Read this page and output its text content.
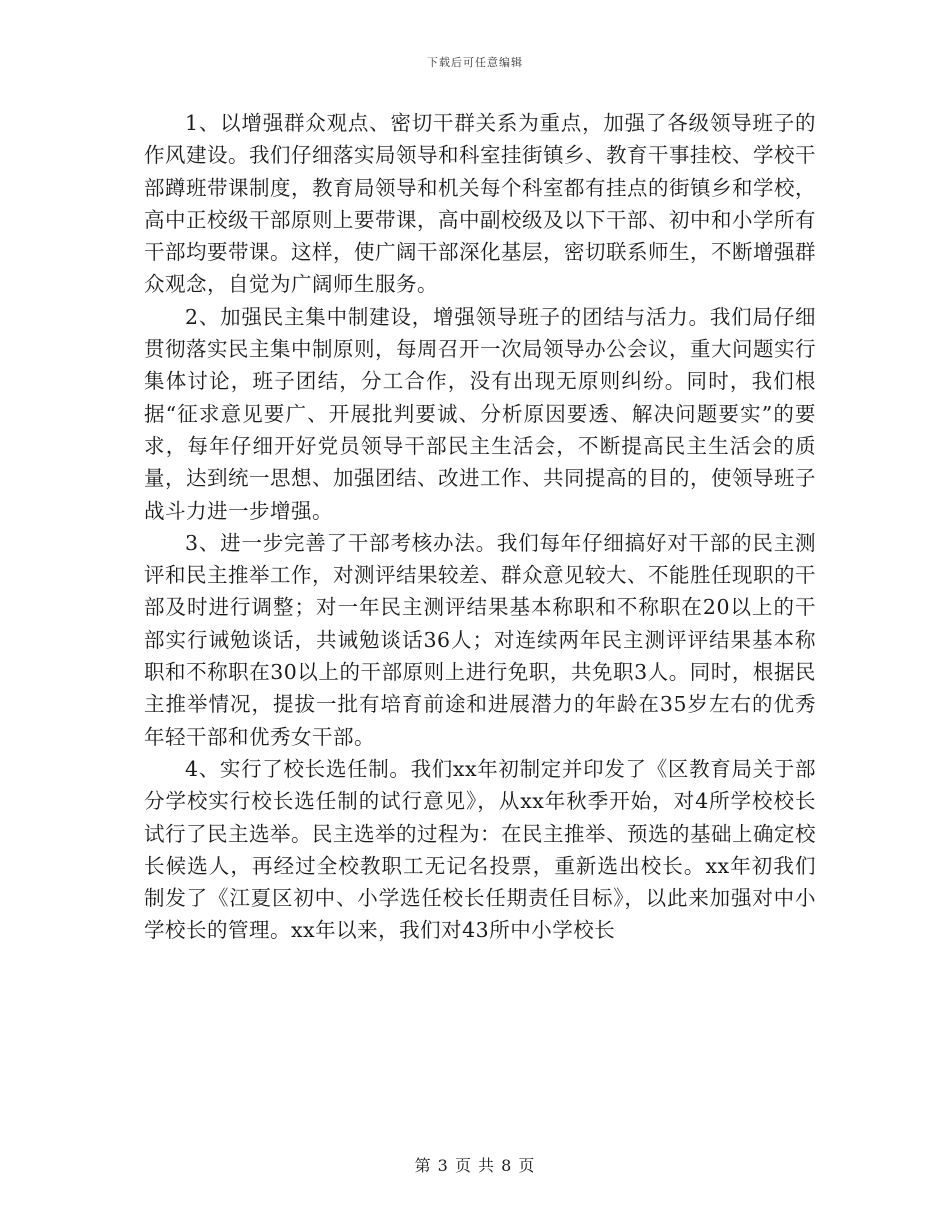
下载后可任意编辑

1、以增强群众观点、密切干群关系为重点，加强了各级领导班子的作风建设。我们仔细落实局领导和科室挂街镇乡、教育干事挂校、学校干部蹲班带课制度，教育局领导和机关每个科室都有挂点的街镇乡和学校，高中正校级干部原则上要带课，高中副校级及以下干部、初中和小学所有干部均要带课。这样，使广阔干部深化基层，密切联系师生，不断增强群众观念，自觉为广阔师生服务。

2、加强民主集中制建设，增强领导班子的团结与活力。我们局仔细贯彻落实民主集中制原则，每周召开一次局领导办公会议，重大问题实行集体讨论，班子团结，分工合作，没有出现无原则纠纷。同时，我们根据“征求意见要广、开展批判要诚、分析原因要透、解决问题要实”的要求，每年仔细开好党员领导干部民主生活会，不断提高民主生活会的质量，达到统一思想、加强团结、改进工作、共同提高的目的，使领导班子战斗力进一步增强。

3、进一步完善了干部考核办法。我们每年仔细搞好对干部的民主测评和民主推举工作，对测评结果较差、群众意见较大、不能胜任现职的干部及时进行调整；对一年民主测评结果基本称职和不称职在20以上的干部实行诫勉谈话，共诫勉谈话36人；对连续两年民主测评评结果基本称职和不称职在30以上的干部原则上进行免职，共免职3人。同时，根据民主推举情况，提拔一批有培育前途和进展潜力的年龄在35岁左右的优秀年轻干部和优秀女干部。

4、实行了校长选任制。我们xx年初制定并印发了《区教育局关于部分学校实行校长选任制的试行意见》，从xx年秋季开始，对4所学校校长试行了民主选举。民主选举的过程为：在民主推举、预选的基础上确定校长候选人，再经过全校教职工无记名投票，重新选出校长。xx年初我们制发了《江夏区初中、小学选任校长任期责任目标》，以此来加强对中小学校长的管理。xx年以来，我们对43所中小学校长

第 3 页 共 8 页
